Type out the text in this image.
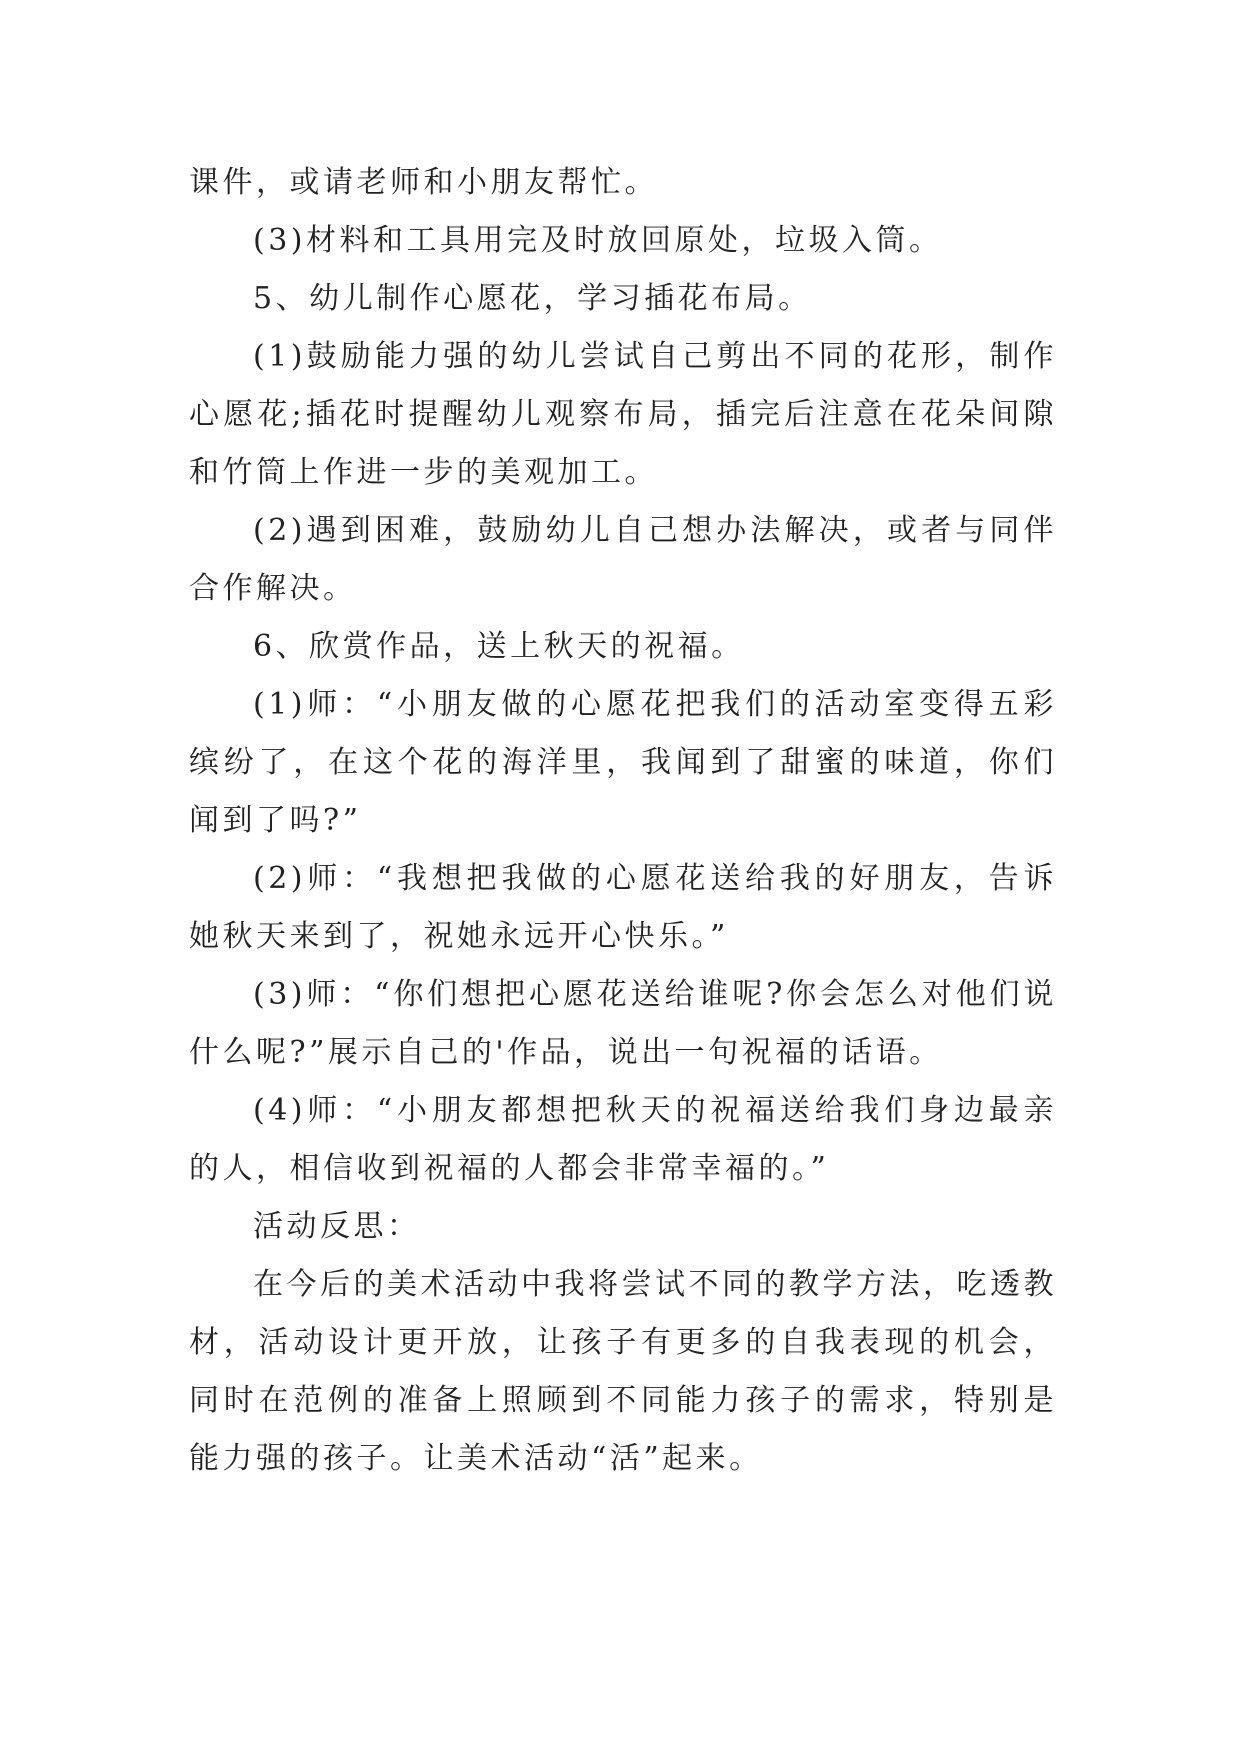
课件，或请老师和小朋友帮忙。

(3)材料和工具用完及时放回原处，垃圾入筒。

5、幼儿制作心愿花，学习插花布局。

(1)鼓励能力强的幼儿尝试自己剪出不同的花形，制作心愿花;插花时提醒幼儿观察布局，插完后注意在花朵间隙和竹筒上作进一步的美观加工。

(2)遇到困难，鼓励幼儿自己想办法解决，或者与同伴合作解决。

6、欣赏作品，送上秋天的祝福。

(1)师：“小朋友做的心愿花把我们的活动室变得五彩缤纷了，在这个花的海洋里，我闻到了甜蜜的味道，你们闻到了吗?”

(2)师：“我想把我做的心愿花送给我的好朋友，告诉她秋天来到了，祝她永远开心快乐。”

(3)师：“你们想把心愿花送给谁呢?你会怎么对他们说什么呢?”展示自己的'作品，说出一句祝福的话语。

(4)师：“小朋友都想把秋天的祝福送给我们身边最亲的人，相信收到祝福的人都会非常幸福的。”

活动反思：

在今后的美术活动中我将尝试不同的教学方法，吃透教材，活动设计更开放，让孩子有更多的自我表现的机会，同时在范例的准备上照顾到不同能力孩子的需求，特别是能力强的孩子。让美术活动“活”起来。
